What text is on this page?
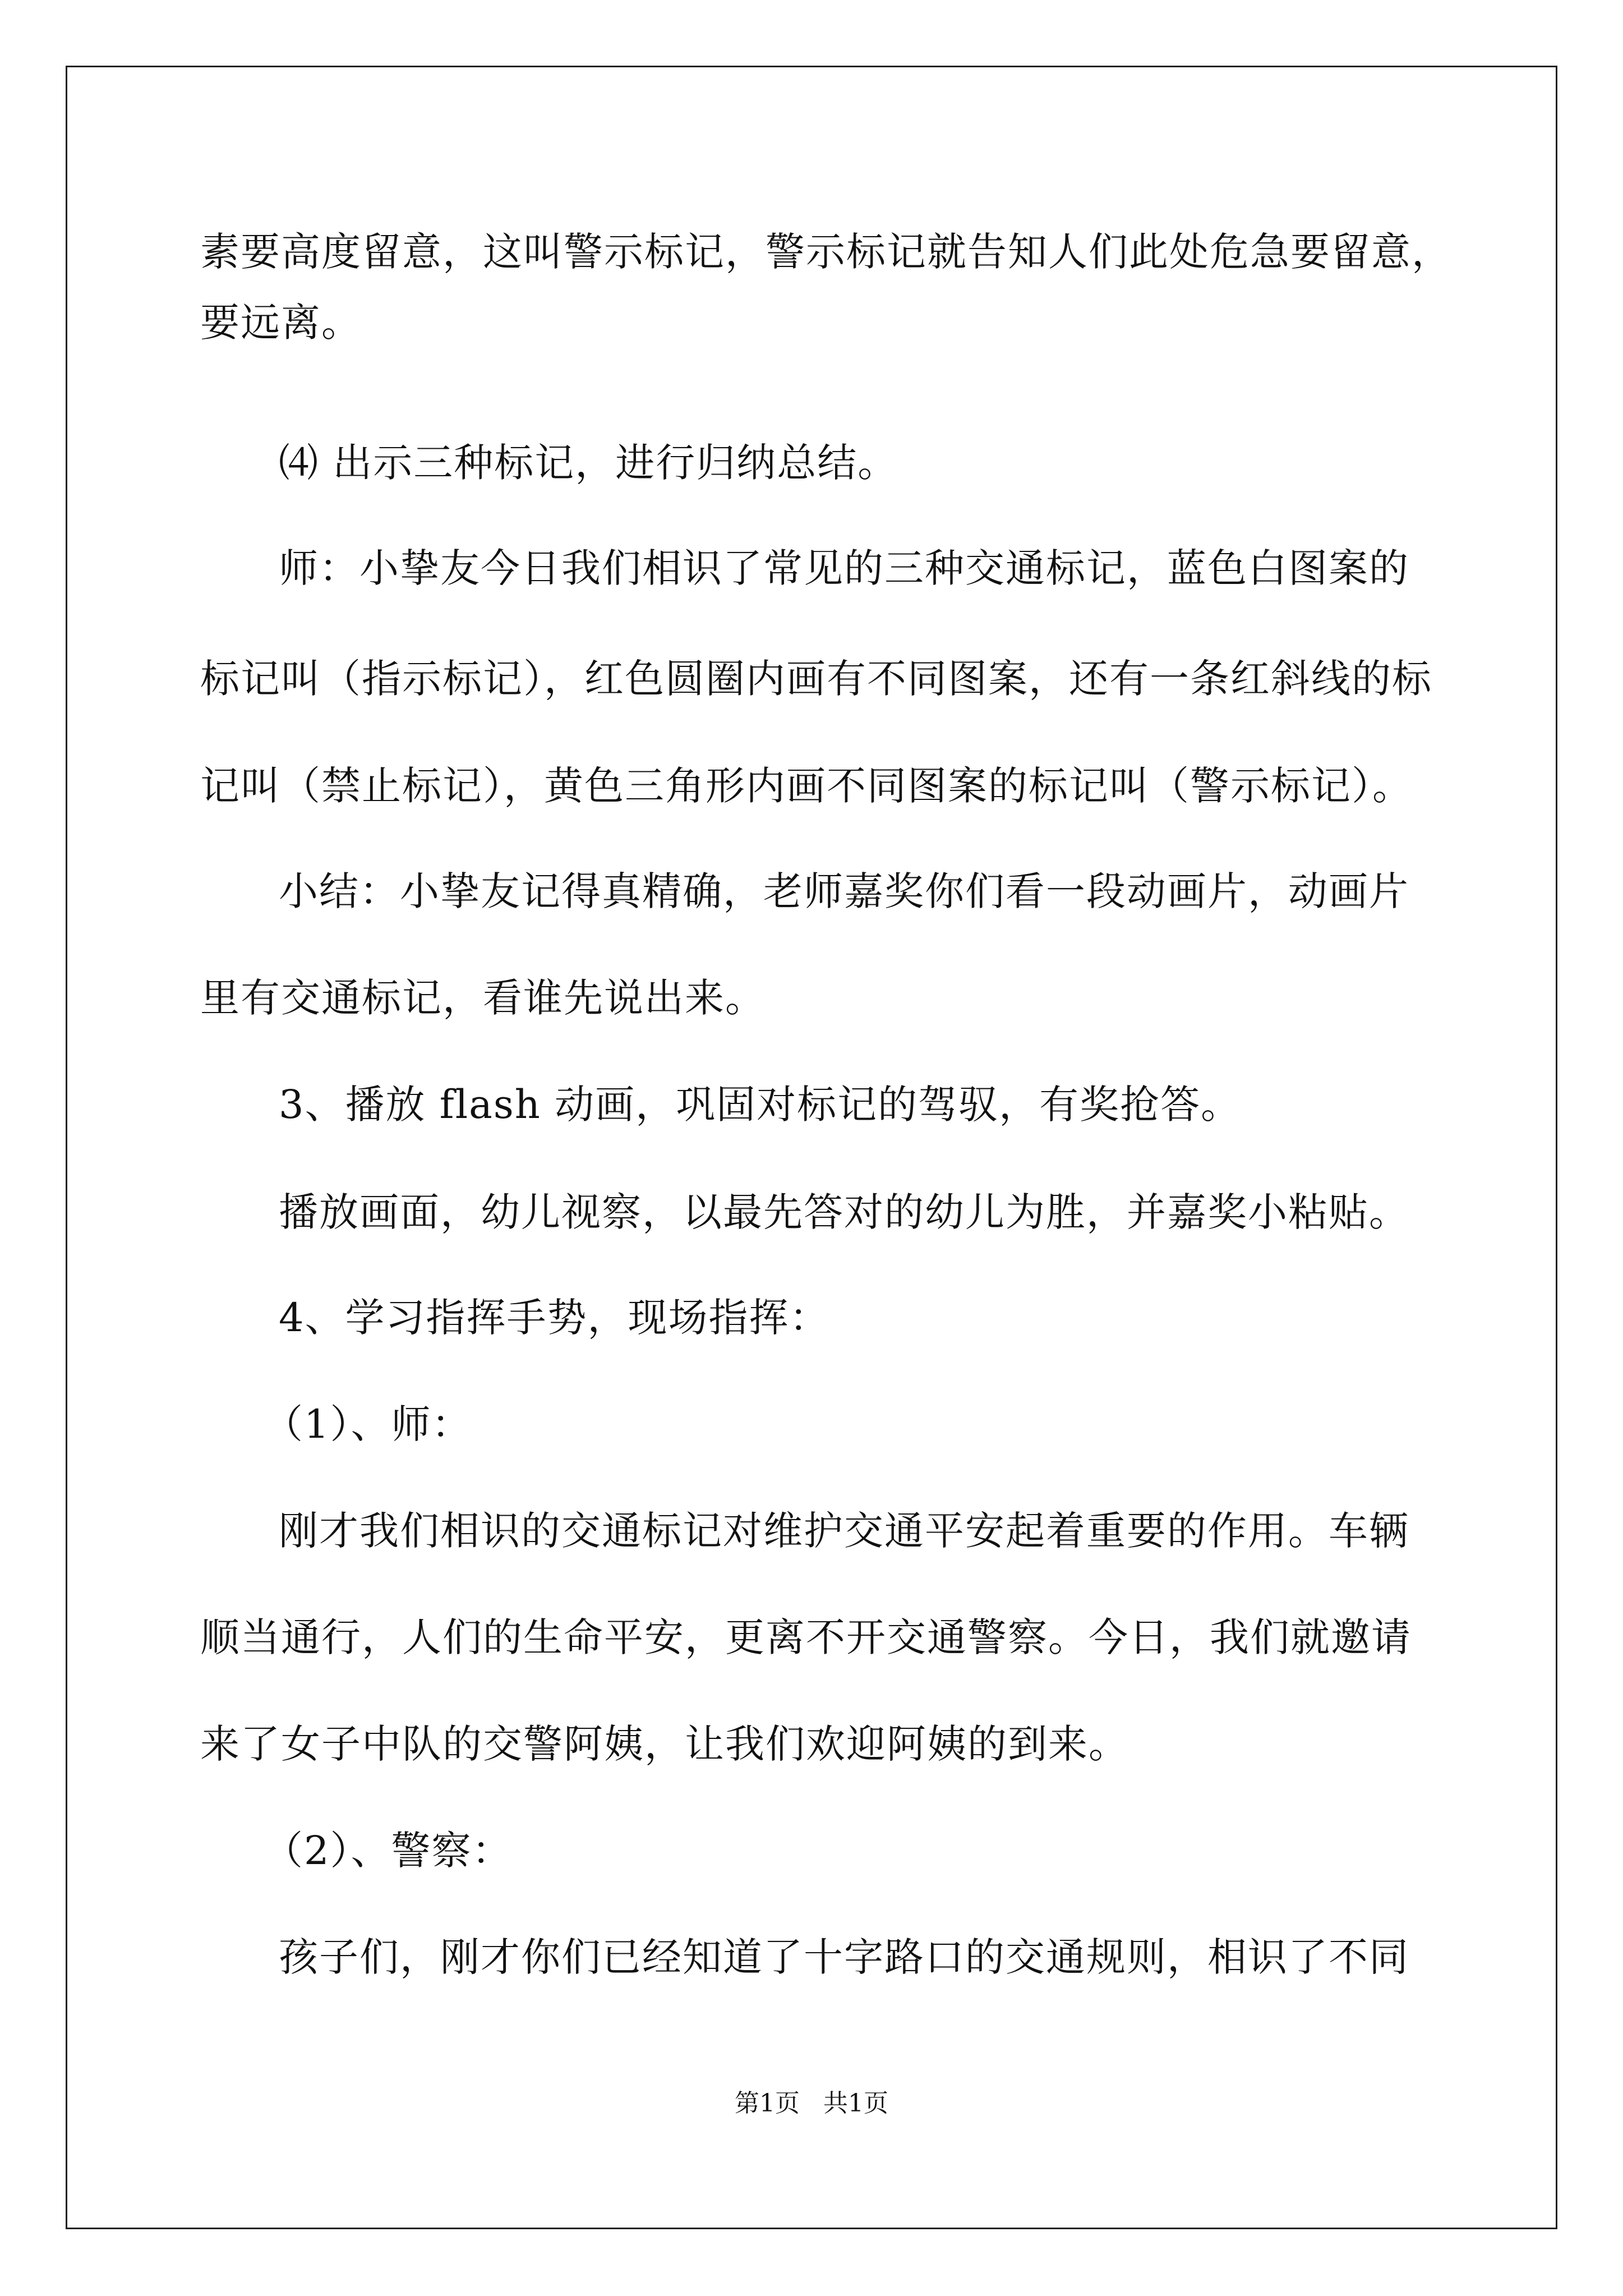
素要高度留意，这叫警示标记，警示标记就告知人们此处危急要留意，
要远离。
⑷ 出示三种标记，进行归纳总结。
师：小挚友今日我们相识了常见的三种交通标记，蓝色白图案的
标记叫（指示标记），红色圆圈内画有不同图案，还有一条红斜线的标
记叫（禁止标记），黄色三角形内画不同图案的标记叫（警示标记）。
小结：小挚友记得真精确，老师嘉奖你们看一段动画片，动画片
里有交通标记，看谁先说出来。
3、播放 flash 动画，巩固对标记的驾驭，有奖抢答。
播放画面，幼儿视察，以最先答对的幼儿为胜，并嘉奖小粘贴。
4、学习指挥手势，现场指挥：
（1）、师：
刚才我们相识的交通标记对维护交通平安起着重要的作用。车辆
顺当通行，人们的生命平安，更离不开交通警察。今日，我们就邀请
来了女子中队的交警阿姨，让我们欢迎阿姨的到来。
（2）、警察：
孩子们，刚才你们已经知道了十字路口的交通规则，相识了不同
第1页   共1页
